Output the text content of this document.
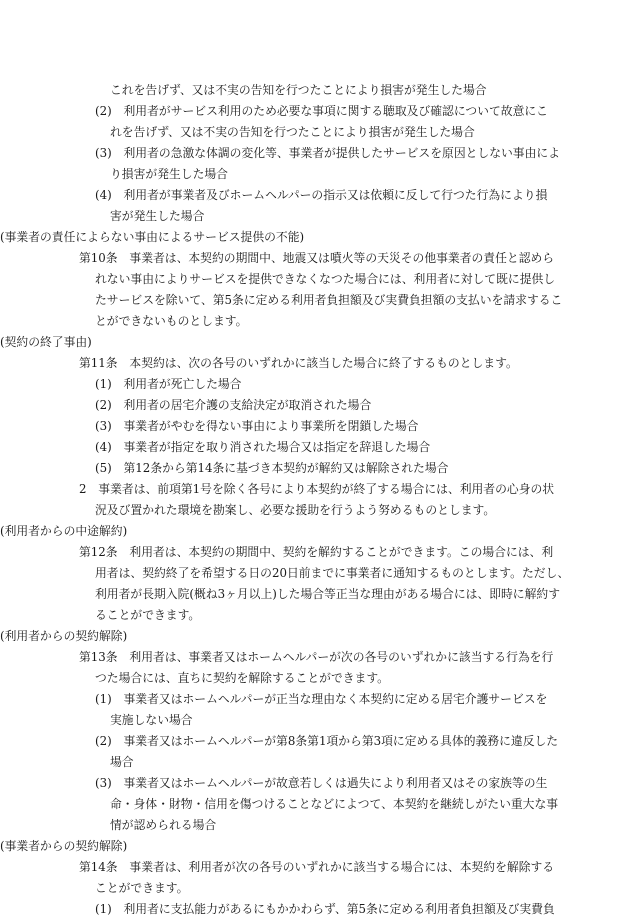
これを告げず、又は不実の告知を行つたことにより損害が発生した場合
(2)　利用者がサービス利用のため必要な事項に関する聴取及び確認について故意にこ
れを告げず、又は不実の告知を行つたことにより損害が発生した場合
(3)　利用者の急激な体調の変化等、事業者が提供したサービスを原因としない事由によ
り損害が発生した場合
(4)　利用者が事業者及びホームヘルパーの指示又は依頼に反して行つた行為により損
害が発生した場合
(事業者の責任によらない事由によるサービス提供の不能)
第10条　事業者は、本契約の期間中、地震又は噴火等の天災その他事業者の責任と認めら
れない事由によりサービスを提供できなくなつた場合には、利用者に対して既に提供し
たサービスを除いて、第5条に定める利用者負担額及び実費負担額の支払いを請求するこ
とができないものとします。
(契約の終了事由)
第11条　本契約は、次の各号のいずれかに該当した場合に終了するものとします。
(1)　利用者が死亡した場合
(2)　利用者の居宅介護の支給決定が取消された場合
(3)　事業者がやむを得ない事由により事業所を閉鎖した場合
(4)　事業者が指定を取り消された場合又は指定を辞退した場合
(5)　第12条から第14条に基づき本契約が解約又は解除された場合
2　事業者は、前項第1号を除く各号により本契約が終了する場合には、利用者の心身の状
況及び置かれた環境を勘案し、必要な援助を行うよう努めるものとします。
(利用者からの中途解約)
第12条　利用者は、本契約の期間中、契約を解約することができます。この場合には、利
用者は、契約終了を希望する日の20日前までに事業者に通知するものとします。ただし、
利用者が長期入院(概ね3ヶ月以上)した場合等正当な理由がある場合には、即時に解約す
ることができます。
(利用者からの契約解除)
第13条　利用者は、事業者又はホームヘルパーが次の各号のいずれかに該当する行為を行
つた場合には、直ちに契約を解除することができます。
(1)　事業者又はホームヘルパーが正当な理由なく本契約に定める居宅介護サービスを
実施しない場合
(2)　事業者又はホームヘルパーが第8条第1項から第3項に定める具体的義務に違反した
場合
(3)　事業者又はホームヘルパーが故意若しくは過失により利用者又はその家族等の生
命・身体・財物・信用を傷つけることなどによつて、本契約を継続しがたい重大な事
情が認められる場合
(事業者からの契約解除)
第14条　事業者は、利用者が次の各号のいずれかに該当する場合には、本契約を解除する
ことができます。
(1)　利用者に支払能力があるにもかかわらず、第5条に定める利用者負担額及び実費負
